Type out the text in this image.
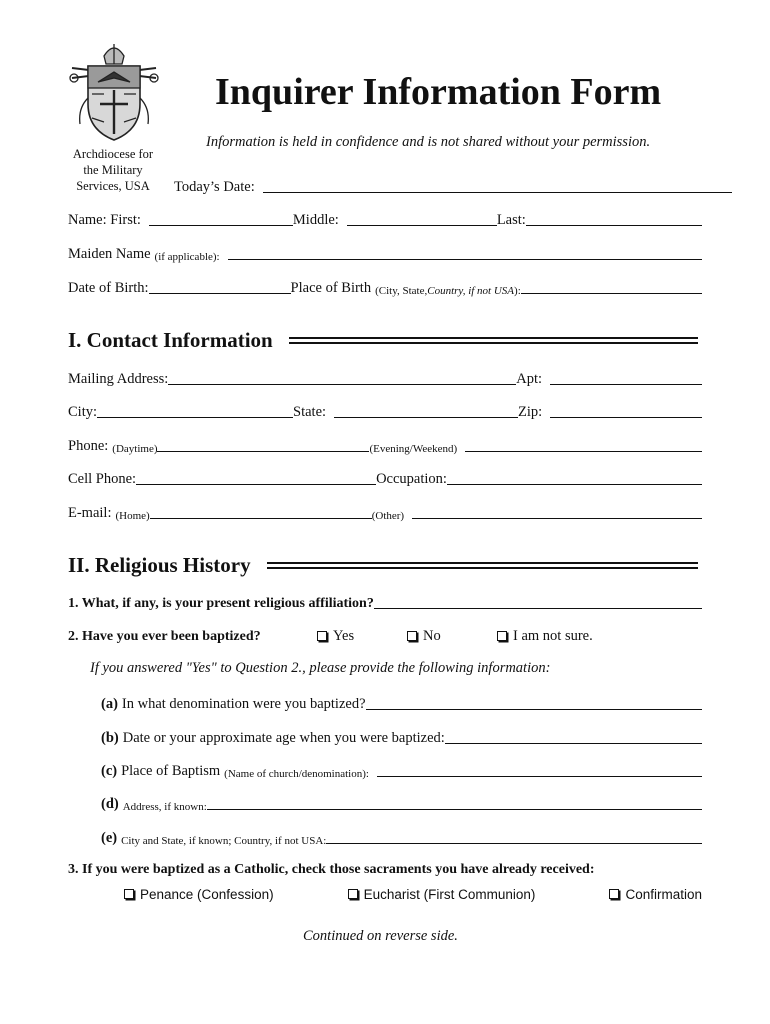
Archdiocese for
the Military
Services, USA
Inquirer Information Form
Information is held in confidence and is not shared without your permission.
Today’s Date:
Name: First:	Middle:	Last:
Maiden Name (if applicable):
Date of Birth:	Place of Birth (City, State, Country, if not USA ):
I. Contact Information
Mailing Address:	Apt:
City:	State:	Zip:
Phone: (Daytime)	(Evening/Weekend)
Cell Phone:	Occupation:
E-mail: (Home)	(Other)
II. Religious History
1. What, if any, is your present religious affiliation?
2. Have you ever been baptized?	Yes	No	I am not sure.
If you answered "Yes" to Question 2., please provide the following information:
(a) In what denomination were you baptized?
(b) Date or your approximate age when you were baptized:
(c) Place of Baptism (Name of church/denomination):
(d) Address, if known:
(e) City and State, if known; Country, if not USA:
3. If you were baptized as a Catholic, check those sacraments you have already received:
Penance (Confession)	Eucharist (First Communion)	Confirmation
Continued on reverse side.
